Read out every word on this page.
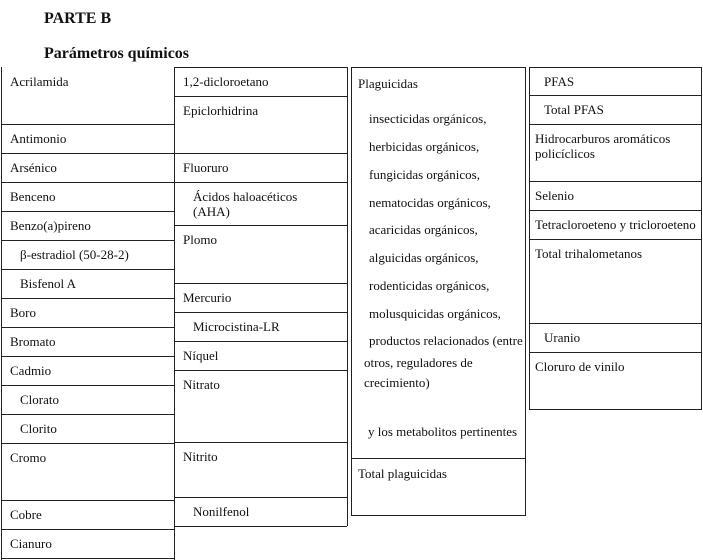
PARTE B
Parámetros químicos
Acrilamida
Antimonio
Arsénico
Benceno
Benzo(a)pireno
β-estradiol (50-28-2)
Bisfenol A
Boro
Bromato
Cadmio
Clorato
Clorito
Cromo
Cobre
Cianuro
1,2-dicloroetano
Epiclorhidrina
Fluoruro
Ácidos haloacéticos (AHA)
Plomo
Mercurio
Microcistina-LR
Níquel
Nitrato
Nitrito
Nonilfenol
Plaguicidas
insecticidas orgánicos,
herbicidas orgánicos,
fungicidas orgánicos,
nematocidas orgánicos,
acaricidas orgánicos,
alguicidas orgánicos,
rodenticidas orgánicos,
molusquicidas orgánicos,
productos relacionados (entre
otros, reguladores de
crecimiento)
y los metabolitos pertinentes
Total plaguicidas
PFAS
Total PFAS
Hidrocarburos aromáticos policíclicos
Selenio
Tetracloroeteno y tricloroeteno
Total trihalometanos
Uranio
Cloruro de vinilo
